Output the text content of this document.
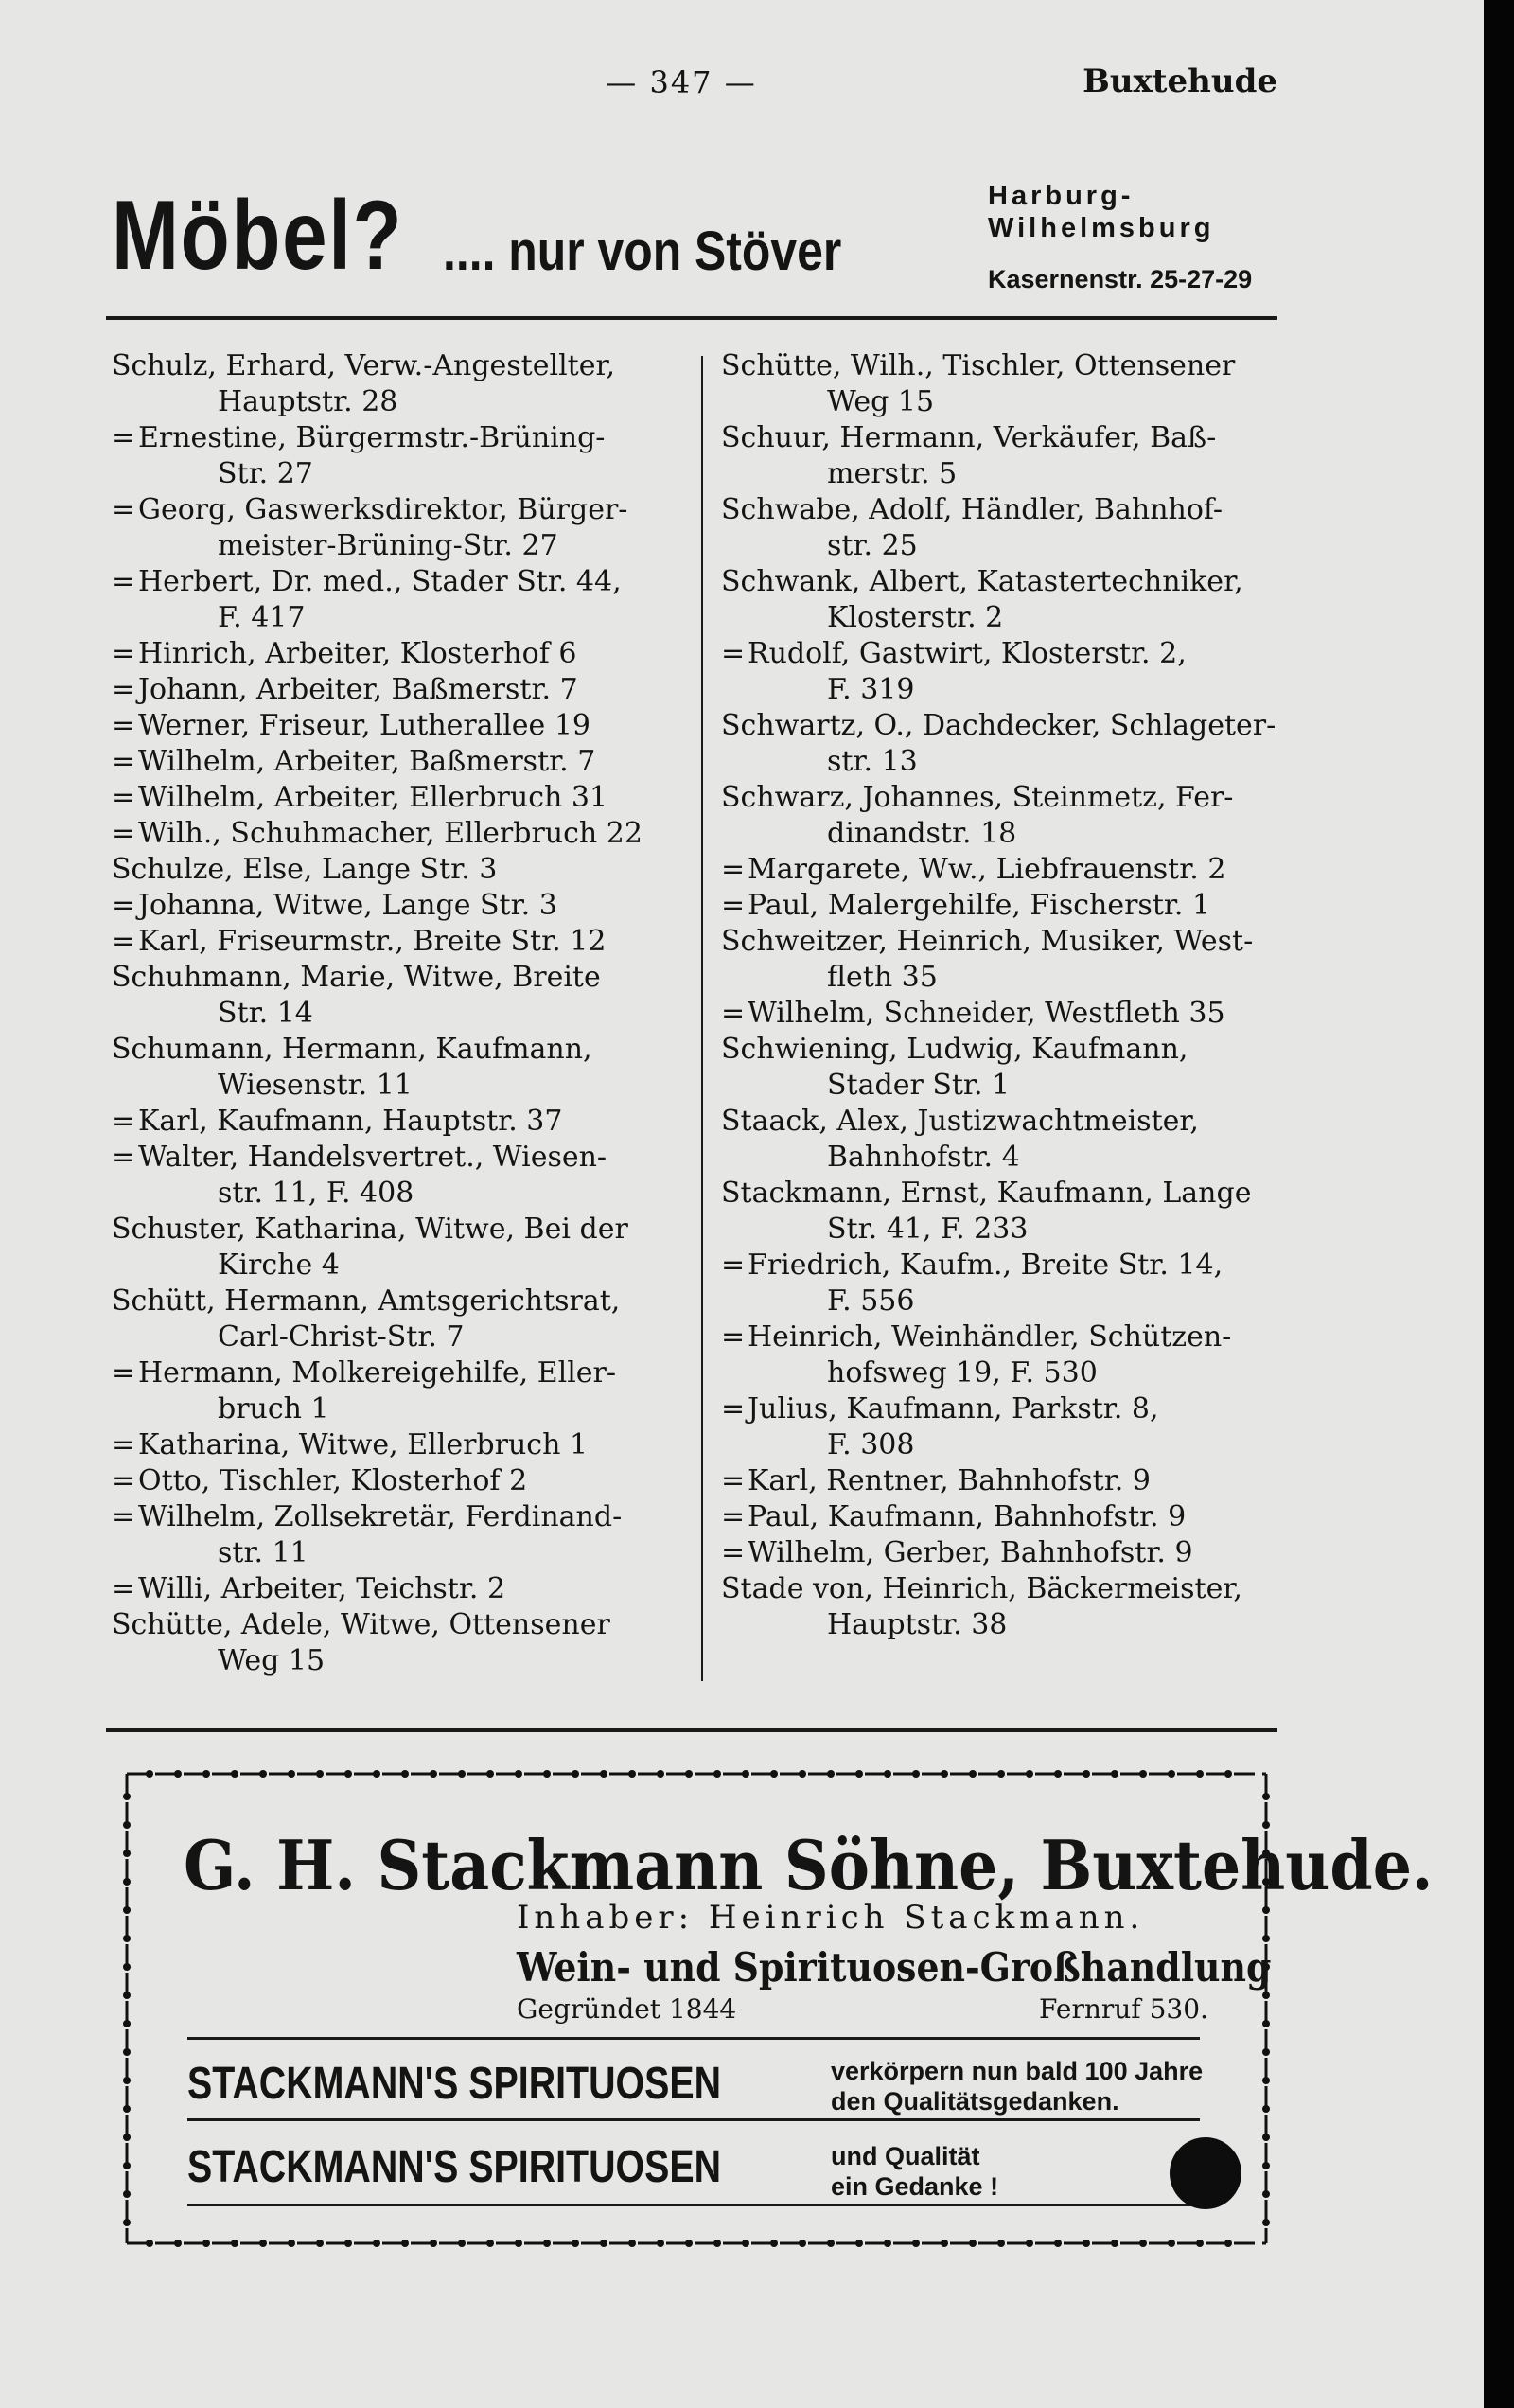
— 347 —	Buxtehude
Möbel? .... nur von Stöver
Harburg-
Wilhelmsburg
Kasernenstr. 25-27-29
Schulz, Erhard, Verw.-Angestellter,
Hauptstr. 28
=Ernestine, Bürgermstr.-Brüning-
Str. 27
=Georg, Gaswerksdirektor, Bürger-
meister-Brüning-Str. 27
=Herbert, Dr. med., Stader Str. 44,
F. 417
=Hinrich, Arbeiter, Klosterhof 6
=Johann, Arbeiter, Baßmerstr. 7
=Werner, Friseur, Lutherallee 19
=Wilhelm, Arbeiter, Baßmerstr. 7
=Wilhelm, Arbeiter, Ellerbruch 31
=Wilh., Schuhmacher, Ellerbruch 22
Schulze, Else, Lange Str. 3
=Johanna, Witwe, Lange Str. 3
=Karl, Friseurmstr., Breite Str. 12
Schuhmann, Marie, Witwe, Breite
Str. 14
Schumann, Hermann, Kaufmann,
Wiesenstr. 11
=Karl, Kaufmann, Hauptstr. 37
=Walter, Handelsvertret., Wiesen-
str. 11, F. 408
Schuster, Katharina, Witwe, Bei der
Kirche 4
Schütt, Hermann, Amtsgerichtsrat,
Carl-Christ-Str. 7
=Hermann, Molkereigehilfe, Eller-
bruch 1
=Katharina, Witwe, Ellerbruch 1
=Otto, Tischler, Klosterhof 2
=Wilhelm, Zollsekretär, Ferdinand-
str. 11
=Willi, Arbeiter, Teichstr. 2
Schütte, Adele, Witwe, Ottensener
Weg 15
Schütte, Wilh., Tischler, Ottensener
Weg 15
Schuur, Hermann, Verkäufer, Baß-
merstr. 5
Schwabe, Adolf, Händler, Bahnhof-
str. 25
Schwank, Albert, Katastertechniker,
Klosterstr. 2
=Rudolf, Gastwirt, Klosterstr. 2,
F. 319
Schwartz, O., Dachdecker, Schlageter-
str. 13
Schwarz, Johannes, Steinmetz, Fer-
dinandstr. 18
=Margarete, Ww., Liebfrauenstr. 2
=Paul, Malergehilfe, Fischerstr. 1
Schweitzer, Heinrich, Musiker, West-
fleth 35
=Wilhelm, Schneider, Westfleth 35
Schwiening, Ludwig, Kaufmann,
Stader Str. 1
Staack, Alex, Justizwachtmeister,
Bahnhofstr. 4
Stackmann, Ernst, Kaufmann, Lange
Str. 41, F. 233
=Friedrich, Kaufm., Breite Str. 14,
F. 556
=Heinrich, Weinhändler, Schützen-
hofsweg 19, F. 530
=Julius, Kaufmann, Parkstr. 8,
F. 308
=Karl, Rentner, Bahnhofstr. 9
=Paul, Kaufmann, Bahnhofstr. 9
=Wilhelm, Gerber, Bahnhofstr. 9
Stade von, Heinrich, Bäckermeister,
Hauptstr. 38
G. H. Stackmann Söhne, Buxtehude.
Inhaber: Heinrich Stackmann.
Wein- und Spirituosen-Großhandlung
Gegründet 1844	Fernruf 530.
STACKMANN'S SPIRITUOSEN	verkörpern nun bald 100 Jahre
den Qualitätsgedanken.
STACKMANN'S SPIRITUOSEN	und Qualität
ein Gedanke !
